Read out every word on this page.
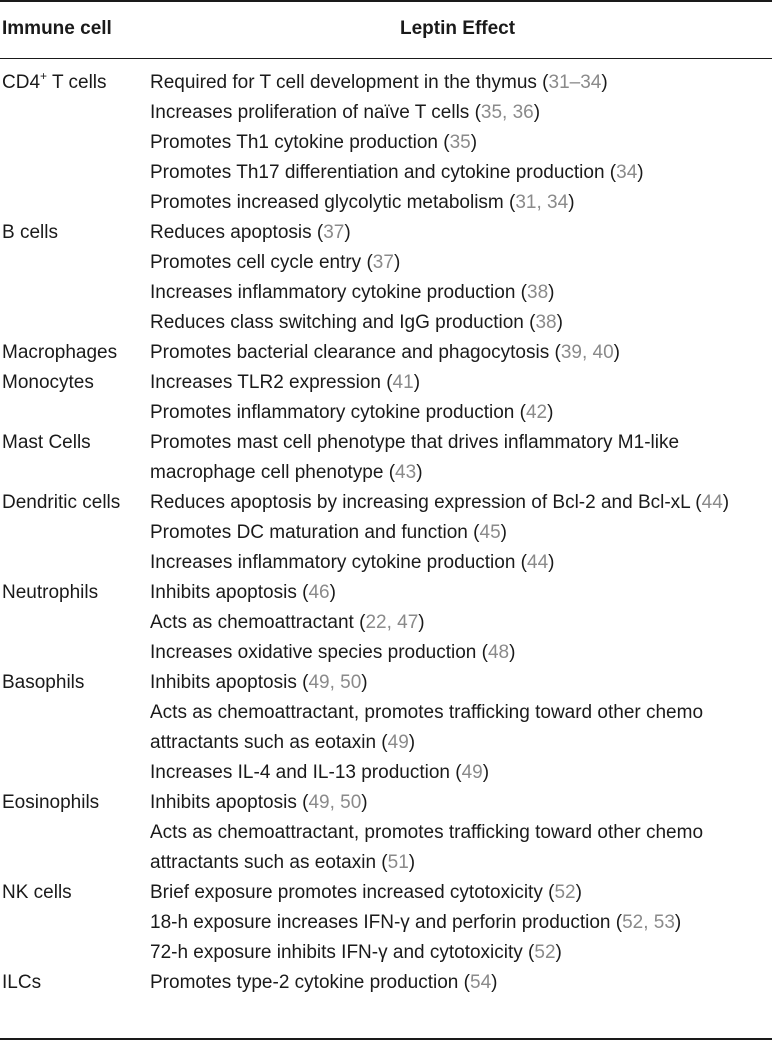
Immune cell	Leptin Effect
CD4+ T cells	Required for T cell development in the thymus (31–34)
Increases proliferation of naïve T cells (35, 36)
Promotes Th1 cytokine production (35)
Promotes Th17 differentiation and cytokine production (34)
Promotes increased glycolytic metabolism (31, 34)
B cells	Reduces apoptosis (37)
Promotes cell cycle entry (37)
Increases inflammatory cytokine production (38)
Reduces class switching and IgG production (38)
Macrophages	Promotes bacterial clearance and phagocytosis (39, 40)
Monocytes	Increases TLR2 expression (41)
Promotes inflammatory cytokine production (42)
Mast Cells	Promotes mast cell phenotype that drives inflammatory M1-like macrophage cell phenotype (43)
Dendritic cells	Reduces apoptosis by increasing expression of Bcl-2 and Bcl-xL (44)
Promotes DC maturation and function (45)
Increases inflammatory cytokine production (44)
Neutrophils	Inhibits apoptosis (46)
Acts as chemoattractant (22, 47)
Increases oxidative species production (48)
Basophils	Inhibits apoptosis (49, 50)
Acts as chemoattractant, promotes trafficking toward other chemo attractants such as eotaxin (49)
Increases IL-4 and IL-13 production (49)
Eosinophils	Inhibits apoptosis (49, 50)
Acts as chemoattractant, promotes trafficking toward other chemo attractants such as eotaxin (51)
NK cells	Brief exposure promotes increased cytotoxicity (52)
18-h exposure increases IFN-γ and perforin production (52, 53)
72-h exposure inhibits IFN-γ and cytotoxicity (52)
ILCs	Promotes type-2 cytokine production (54)
